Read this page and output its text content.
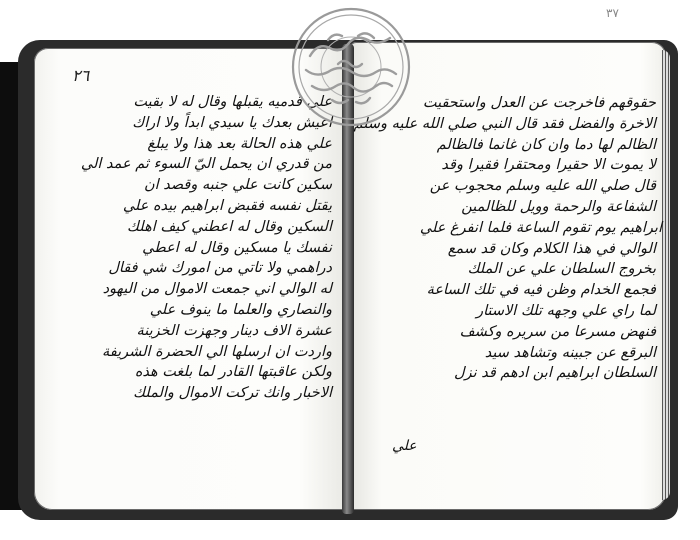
٣٧
٢٦
علي قدميه يقبلها وقال له لا بقيت
اعيش بعدك يا سيدي ابداً ولا اراك
علي هذه الحالة بعد هذا ولا يبلغ
من قدري ان يحمل اليّ السوء ثم عمد الي
سكين كانت علي جنبه وقصد ان
يقتل نفسه فقبض ابراهيم بيده علي
السكين وقال له اعطني كيف اهلك
نفسك يا مسكين وقال له اعطي
دراهمي ولا تاتي من امورك شي فقال
له الوالي اني جمعت الاموال من اليهود
والنصاري والعلما ما ينوف علي
عشرة الاف دينار وجهزت الخزينة
واردت ان ارسلها الي الحضرة الشريفة
ولكن عاقبتها القادر لما بلغت هذه
الاخبار وانك تركت الاموال والملك
حقوقهم فاخرجت عن العدل واستحقيت
الاخرة والفضل فقد قال النبي صلي الله عليه وسلم
الظالم لها دما وان كان غانما فالظالم
لا يموت الا حقيرا ومحتقرا فقيرا وقد
قال صلي الله عليه وسلم محجوب عن
الشفاعة والرحمة وويل للظالمين
ابراهيم يوم تقوم الساعة فلما انفرغ علي
الوالي في هذا الكلام وكان قد سمع
بخروج السلطان علي عن الملك
فجمع الخدام وظن فيه في تلك الساعة
لما راي علي وجهه تلك الاستار
فنهض مسرعا من سريره وكشف
البرقع عن جبينه وتشاهد سيد
السلطان ابراهيم ابن ادهم قد نزل
علي
